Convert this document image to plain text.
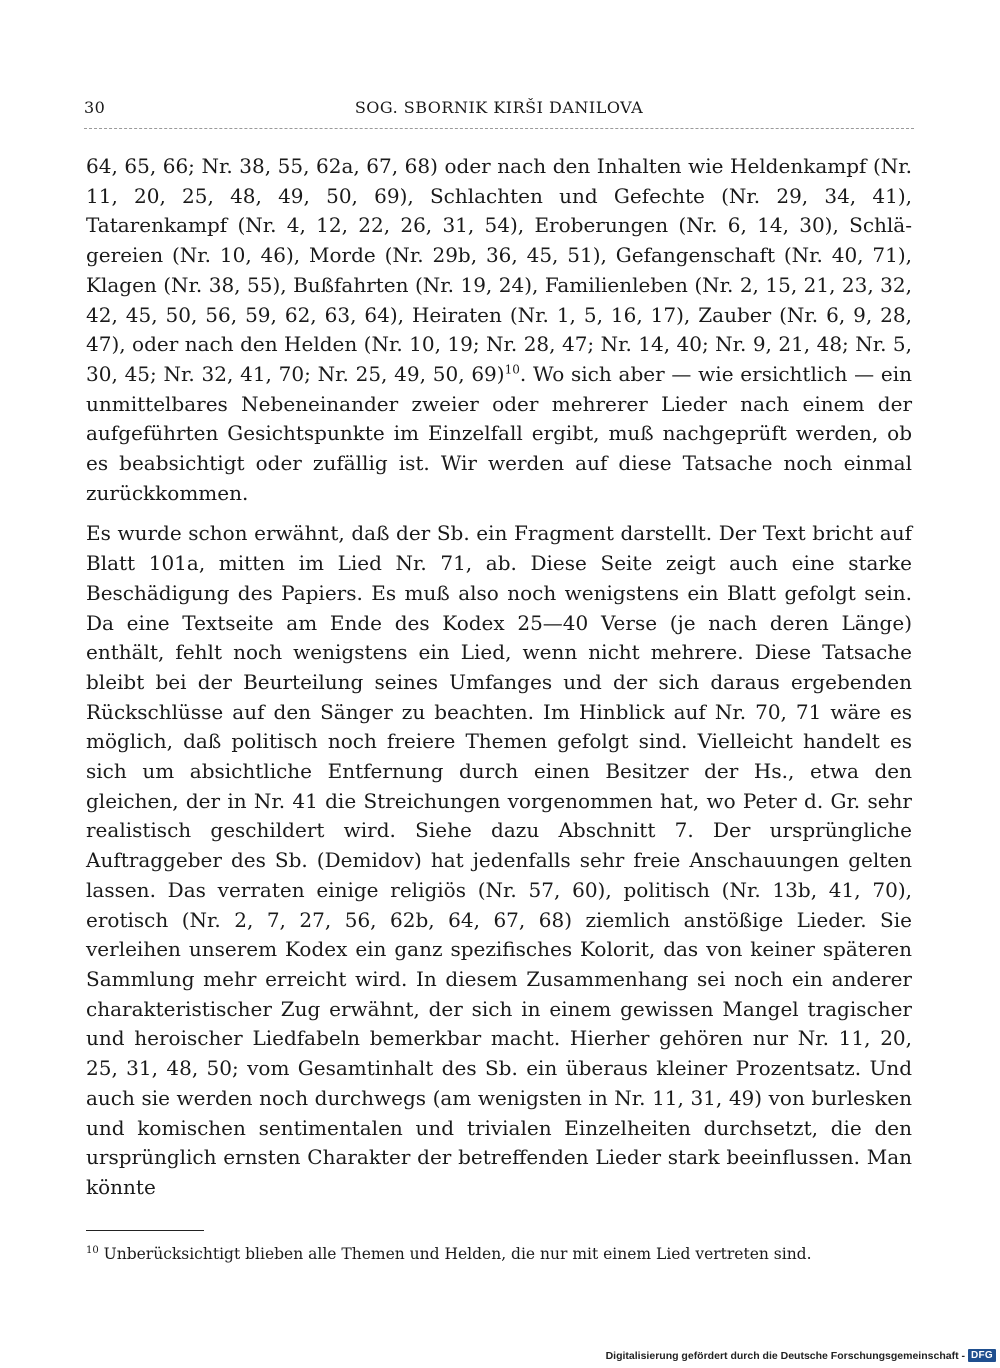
30	SOG. SBORNIK KIRŠI DANILOVA

64, 65, 66; Nr. 38, 55, 62a, 67, 68) oder nach den Inhalten wie Heldenkampf (Nr. 11, 20, 25, 48, 49, 50, 69), Schlachten und Gefechte (Nr. 29, 34, 41), Tatarenkampf (Nr. 4, 12, 22, 26, 31, 54), Eroberungen (Nr. 6, 14, 30), Schlägereien (Nr. 10, 46), Morde (Nr. 29b, 36, 45, 51), Gefangenschaft (Nr. 40, 71), Klagen (Nr. 38, 55), Bußfahrten (Nr. 19, 24), Familienleben (Nr. 2, 15, 21, 23, 32, 42, 45, 50, 56, 59, 62, 63, 64), Heiraten (Nr. 1, 5, 16, 17), Zauber (Nr. 6, 9, 28, 47), oder nach den Helden (Nr. 10, 19; Nr. 28, 47; Nr. 14, 40; Nr. 9, 21, 48; Nr. 5, 30, 45; Nr. 32, 41, 70; Nr. 25, 49, 50, 69)$^{10}$. Wo sich aber — wie ersichtlich — ein unmittelbares Nebeneinander zweier oder mehrerer Lieder nach einem der aufgeführten Gesichtspunkte im Einzelfall ergibt, muß nachgeprüft werden, ob es beabsichtigt oder zufällig ist. Wir werden auf diese Tatsache noch einmal zurückkommen.

Es wurde schon erwähnt, daß der Sb. ein Fragment darstellt. Der Text bricht auf Blatt 101a, mitten im Lied Nr. 71, ab. Diese Seite zeigt auch eine starke Beschädigung des Papiers. Es muß also noch wenigstens ein Blatt gefolgt sein. Da eine Textseite am Ende des Kodex 25—40 Verse (je nach deren Länge) enthält, fehlt noch wenigstens ein Lied, wenn nicht mehrere. Diese Tatsache bleibt bei der Beurteilung seines Umfanges und der sich daraus ergebenden Rückschlüsse auf den Sänger zu beachten. Im Hinblick auf Nr. 70, 71 wäre es möglich, daß politisch noch freiere Themen gefolgt sind. Vielleicht handelt es sich um absichtliche Entfernung durch einen Besitzer der Hs., etwa den gleichen, der in Nr. 41 die Streichungen vorgenommen hat, wo Peter d. Gr. sehr realistisch geschildert wird. Siehe dazu Abschnitt 7. Der ursprüngliche Auftraggeber des Sb. (Demidov) hat jedenfalls sehr freie Anschauungen gelten lassen. Das verraten einige religiös (Nr. 57, 60), politisch (Nr. 13b, 41, 70), erotisch (Nr. 2, 7, 27, 56, 62b, 64, 67, 68) ziemlich anstößige Lieder. Sie verleihen unserem Kodex ein ganz spezifisches Kolorit, das von keiner späteren Sammlung mehr erreicht wird. In diesem Zusammenhang sei noch ein anderer charakteristischer Zug erwähnt, der sich in einem gewissen Mangel tragischer und heroischer Liedfabeln bemerkbar macht. Hierher gehören nur Nr. 11, 20, 25, 31, 48, 50; vom Gesamtinhalt des Sb. ein überaus kleiner Prozentsatz. Und auch sie werden noch durchwegs (am wenigsten in Nr. 11, 31, 49) von burlesken und komischen sentimentalen und trivialen Einzelheiten durchsetzt, die den ursprünglich ernsten Charakter der betreffenden Lieder stark beeinflussen. Man könnte

$^{10}$ Unberücksichtigt blieben alle Themen und Helden, die nur mit einem Lied vertreten sind.
Digitalisierung gefördert durch die Deutsche Forschungsgemeinschaft - DFG
